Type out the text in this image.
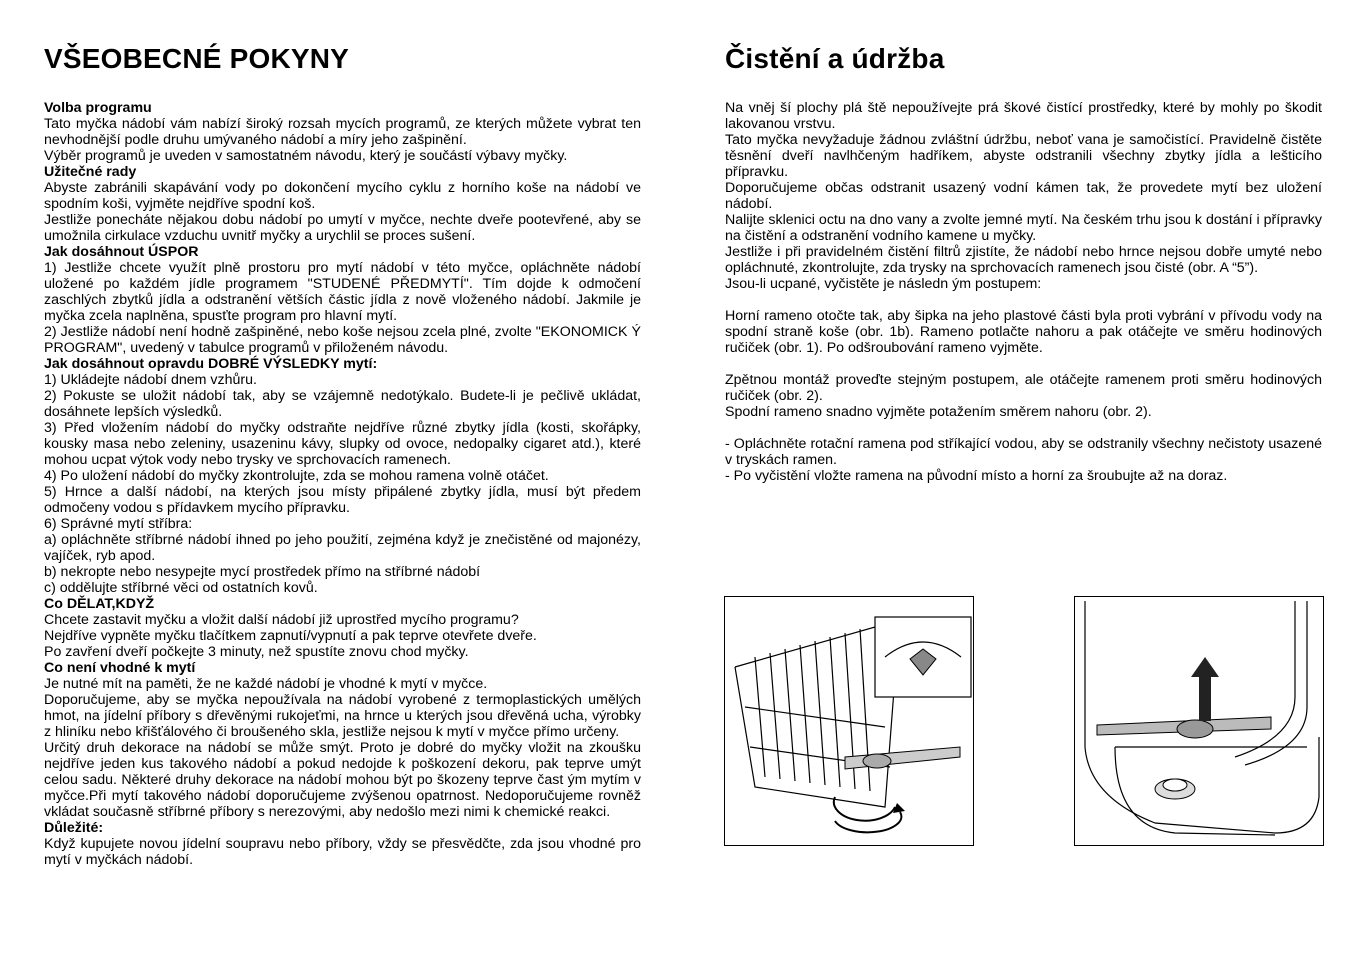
VŠEOBECNÉ POKYNY

Volba programu

Tato myčka nádobí vám nabízí široký rozsah mycích programů, ze kterých můžete vybrat ten nevhodnější podle druhu umývaného nádobí a míry jeho zašpinění.

Výběr programů je uveden v samostatném návodu, který je součástí výbavy myčky.

Užitečné rady

Abyste zabránili skapávání vody po dokončení mycího cyklu z horního koše na nádobí ve spodním koši, vyjměte nejdříve spodní koš.

Jestliže ponecháte nějakou dobu nádobí po umytí v myčce, nechte dveře pootevřené, aby se umožnila cirkulace vzduchu uvnitř myčky a urychlil se proces sušení.

Jak dosáhnout ÚSPOR

1) Jestliže chcete využít plně prostoru pro mytí nádobí v této myčce, opláchněte nádobí uložené po každém jídle programem "STUDENÉ PŘEDMYTÍ". Tím dojde k odmočení zaschlých zbytků jídla a odstranění větších částic jídla z nově vloženého nádobí. Jakmile je myčka zcela naplněna, spusťte program pro hlavní mytí.

2) Jestliže nádobí není hodně zašpiněné, nebo koše nejsou zcela plné, zvolte "EKONOMICK Ý PROGRAM", uvedený v tabulce programů v přiloženém návodu.

Jak dosáhnout opravdu DOBRÉ VÝSLEDKY mytí:

1) Ukládejte nádobí dnem vzhůru.

2) Pokuste se uložit nádobí tak, aby se vzájemně nedotýkalo. Budete-li je pečlivě ukládat, dosáhnete lepších výsledků.

3) Před vložením nádobí do myčky odstraňte nejdříve různé zbytky jídla (kosti, skořápky, kousky masa nebo zeleniny, usazeninu kávy, slupky od ovoce, nedopalky cigaret atd.), které mohou ucpat výtok vody nebo trysky ve sprchovacích ramenech.

4) Po uložení nádobí do myčky zkontrolujte, zda se mohou ramena volně otáčet.

5) Hrnce a další nádobí, na kterých jsou místy připálené zbytky jídla, musí být předem odmočeny vodou s přídavkem mycího přípravku.

6) Správné mytí stříbra:

a) opláchněte stříbrné nádobí ihned po jeho použití, zejména když je znečistěné od majonézy, vajíček, ryb apod.

b) nekropte nebo nesypejte mycí prostředek přímo na stříbrné nádobí

c) oddělujte stříbrné věci od ostatních kovů.

Co DĚLAT,KDYŽ

Chcete zastavit myčku a vložit další nádobí již uprostřed mycího programu?

Nejdříve vypněte myčku tlačítkem zapnutí/vypnutí a pak teprve otevřete dveře.

Po zavření dveří počkejte 3 minuty, než spustíte znovu chod myčky.

Co není vhodné k mytí

Je nutné mít na paměti, že ne každé nádobí je vhodné k mytí v myčce.

Doporučujeme, aby se myčka nepoužívala na nádobí vyrobené z termoplastických umělých hmot, na jídelní příbory s dřevěnými rukojeťmi, na hrnce u kterých jsou dřevěná ucha, výrobky z hliníku nebo křišťálového či broušeného skla, jestliže nejsou k mytí v myčce přímo určeny.

Určitý druh dekorace na nádobí se může smýt. Proto je dobré do myčky vložit na zkoušku nejdříve jeden kus takového nádobí a pokud nedojde k poškození dekoru, pak teprve umýt celou sadu. Některé druhy dekorace na nádobí mohou být po škozeny teprve čast ým mytím v myčce.Při mytí takového nádobí doporučujeme zvýšenou opatrnost. Nedoporučujeme rovněž vkládat současně stříbrné příbory s nerezovými, aby nedošlo mezi nimi k chemické reakci.

Důležité:

Když kupujete novou jídelní soupravu nebo příbory, vždy se přesvědčte, zda jsou vhodné pro mytí v myčkách nádobí.

Čistění a údržba

Na vněj ší plochy plá ště nepoužívejte prá škové čistící prostředky, které by mohly po škodit lakovanou vrstvu.

Tato myčka nevyžaduje žádnou zvláštní údržbu, neboť vana je samočistící. Pravidelně čistěte těsnění dveří navlhčeným hadříkem, abyste odstranili všechny zbytky jídla a lešticího přípravku.

Doporučujeme občas odstranit usazený vodní kámen tak, že provedete mytí bez uložení nádobí.

Nalijte sklenici octu na dno vany a zvolte jemné mytí. Na českém trhu jsou k dostání i přípravky na čistění a odstranění vodního kamene u myčky.

Jestliže i při pravidelném čistění filtrů zjistíte, že nádobí nebo hrnce nejsou dobře umyté nebo opláchnuté, zkontrolujte, zda trysky na sprchovacích ramenech jsou čisté (obr. A “5”).

Jsou-li ucpané, vyčistěte je následn ým postupem:

Horní rameno otočte tak, aby šipka na jeho plastové části byla proti vybrání v přívodu vody na spodní straně koše (obr. 1b). Rameno potlačte nahoru a pak otáčejte ve směru hodinových ručiček (obr. 1). Po odšroubování rameno vyjměte.

Zpětnou montáž proveďte stejným postupem, ale otáčejte ramenem proti směru hodinových ručiček (obr. 2).

Spodní rameno snadno vyjměte potažením směrem nahoru (obr. 2).

- Opláchněte rotační ramena pod stříkající vodou, aby se odstranily všechny nečistoty usazené v tryskách ramen.

- Po vyčistění vložte ramena na původní místo a horní za šroubujte až na doraz.
